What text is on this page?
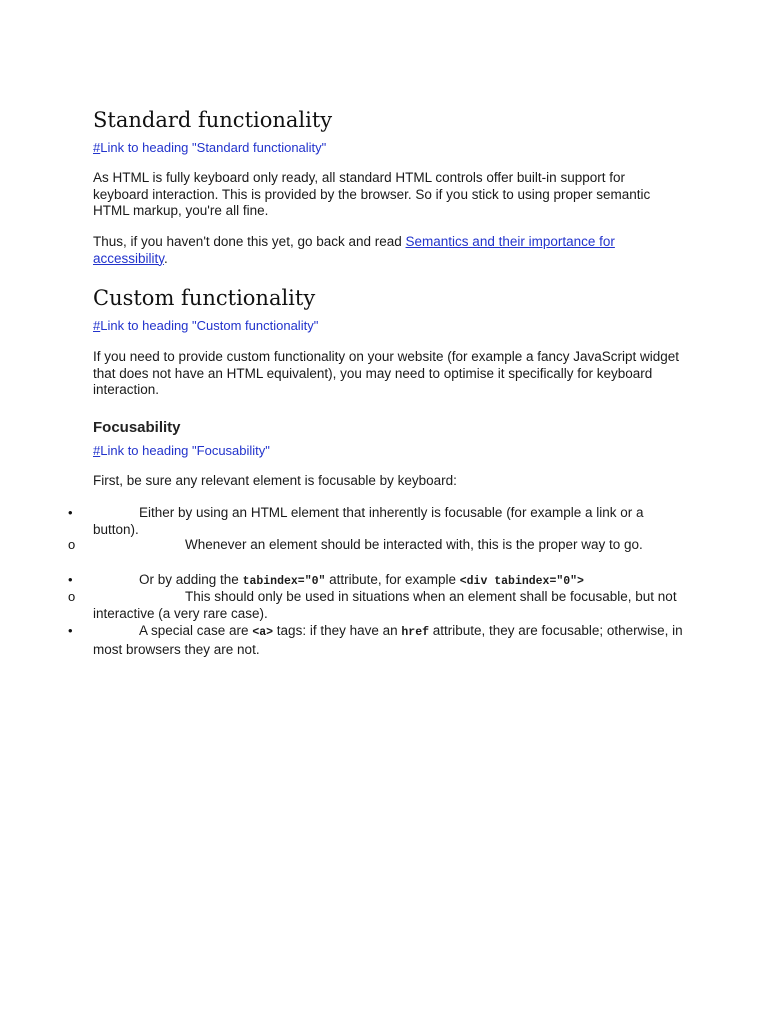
Standard functionality
#Link to heading "Standard functionality"

As HTML is fully keyboard only ready, all standard HTML controls offer built-in support for keyboard interaction. This is provided by the browser. So if you stick to using proper semantic HTML markup, you're all fine.

Thus, if you haven't done this yet, go back and read Semantics and their importance for accessibility.

Custom functionality
#Link to heading "Custom functionality"

If you need to provide custom functionality on your website (for example a fancy JavaScript widget that does not have an HTML equivalent), you may need to optimise it specifically for keyboard interaction.

Focusability
#Link to heading "Focusability"

First, be sure any relevant element is focusable by keyboard:

•	Either by using an HTML element that inherently is focusable (for example a link or a button).
o	Whenever an element should be interacted with, this is the proper way to go.
•	Or by adding the tabindex="0" attribute, for example <div tabindex="0">
o	This should only be used in situations when an element shall be focusable, but not interactive (a very rare case).
•	A special case are <a> tags: if they have an href attribute, they are focusable; otherwise, in most browsers they are not.
